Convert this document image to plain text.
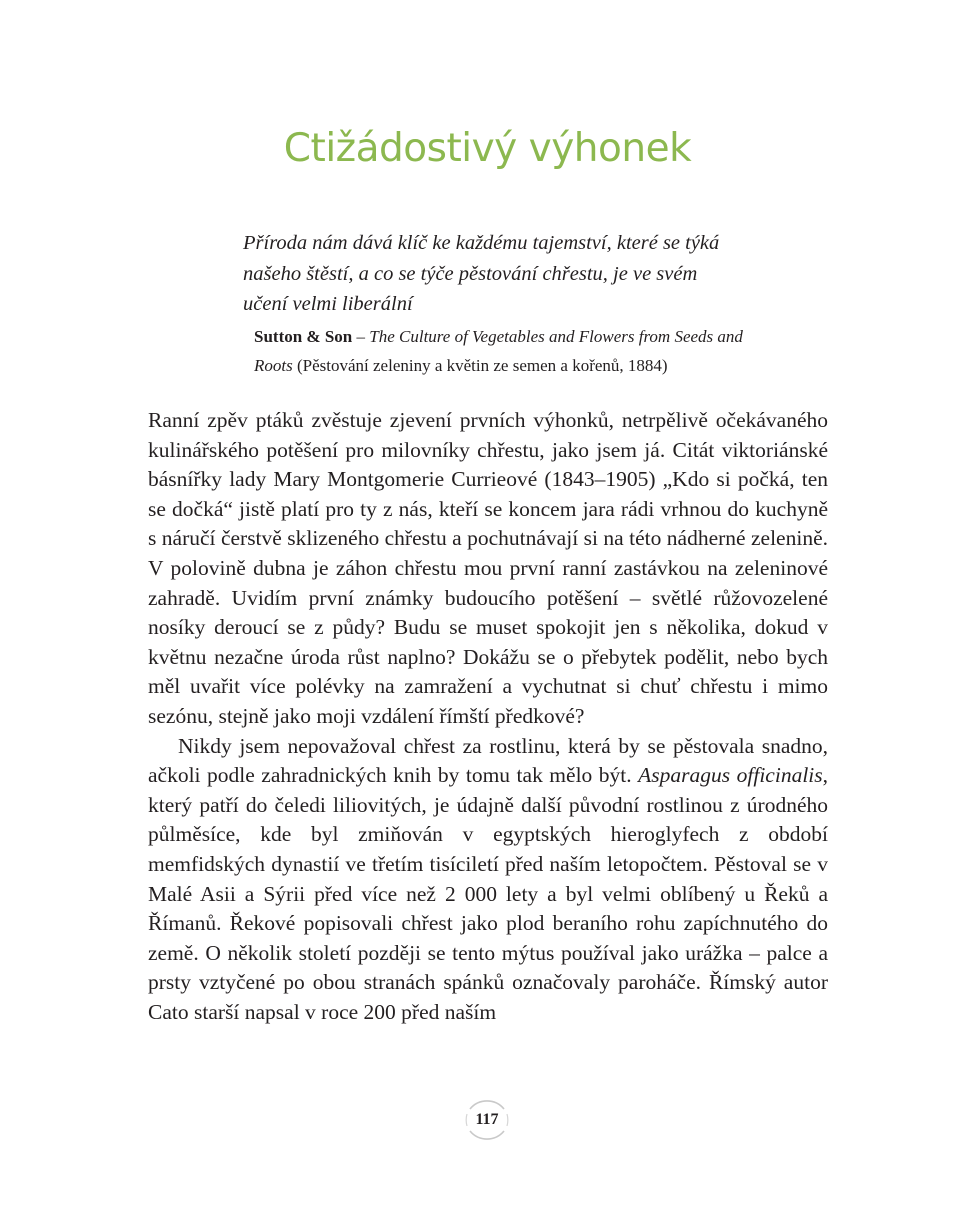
Ctižádostivý výhonek

Příroda nám dává klíč ke každému tajemství, které se týká našeho štěstí, a co se týče pěstování chřestu, je ve svém učení velmi liberální

Sutton & Son – The Culture of Vegetables and Flowers from Seeds and Roots (Pěstování zeleniny a květin ze semen a kořenů, 1884)

Ranní zpěv ptáků zvěstuje zjevení prvních výhonků, netrpělivě očekávaného kulinářského potěšení pro milovníky chřestu, jako jsem já. Citát viktoriánské básnířky lady Mary Montgomerie Currieové (1843–1905) „Kdo si počká, ten se dočká“ jistě platí pro ty z nás, kteří se koncem jara rádi vrhnou do kuchyně s náručí čerstvě sklizeného chřestu a pochutnávají si na této nádherné zelenině. V polovině dubna je záhon chřestu mou první ranní zastávkou na zeleninové zahradě. Uvidím první známky budoucího potěšení – světlé růžovozelené nosíky deroucí se z půdy? Budu se muset spokojit jen s několika, dokud v květnu nezačne úroda růst naplno? Dokážu se o přebytek podělit, nebo bych měl uvařit více polévky na zamražení a vychutnat si chuť chřestu i mimo sezónu, stejně jako moji vzdálení římští předkové?

Nikdy jsem nepovažoval chřest za rostlinu, která by se pěstovala snadno, ačkoli podle zahradnických knih by tomu tak mělo být. Asparagus officinalis, který patří do čeledi liliovitých, je údajně další původní rostlinou z úrodného půlměsíce, kde byl zmiňován v egyptských hieroglyfech z období memfidských dynastií ve třetím tisíciletí před naším letopočtem. Pěstoval se v Malé Asii a Sýrii před více než 2 000 lety a byl velmi oblíbený u Řeků a Římanů. Řekové popisovali chřest jako plod beraního rohu zapíchnutého do země. O několik století později se tento mýtus používal jako urážka – palce a prsty vztyčené po obou stranách spánků označovaly paroháče. Římský autor Cato starší napsal v roce 200 před naším

117
